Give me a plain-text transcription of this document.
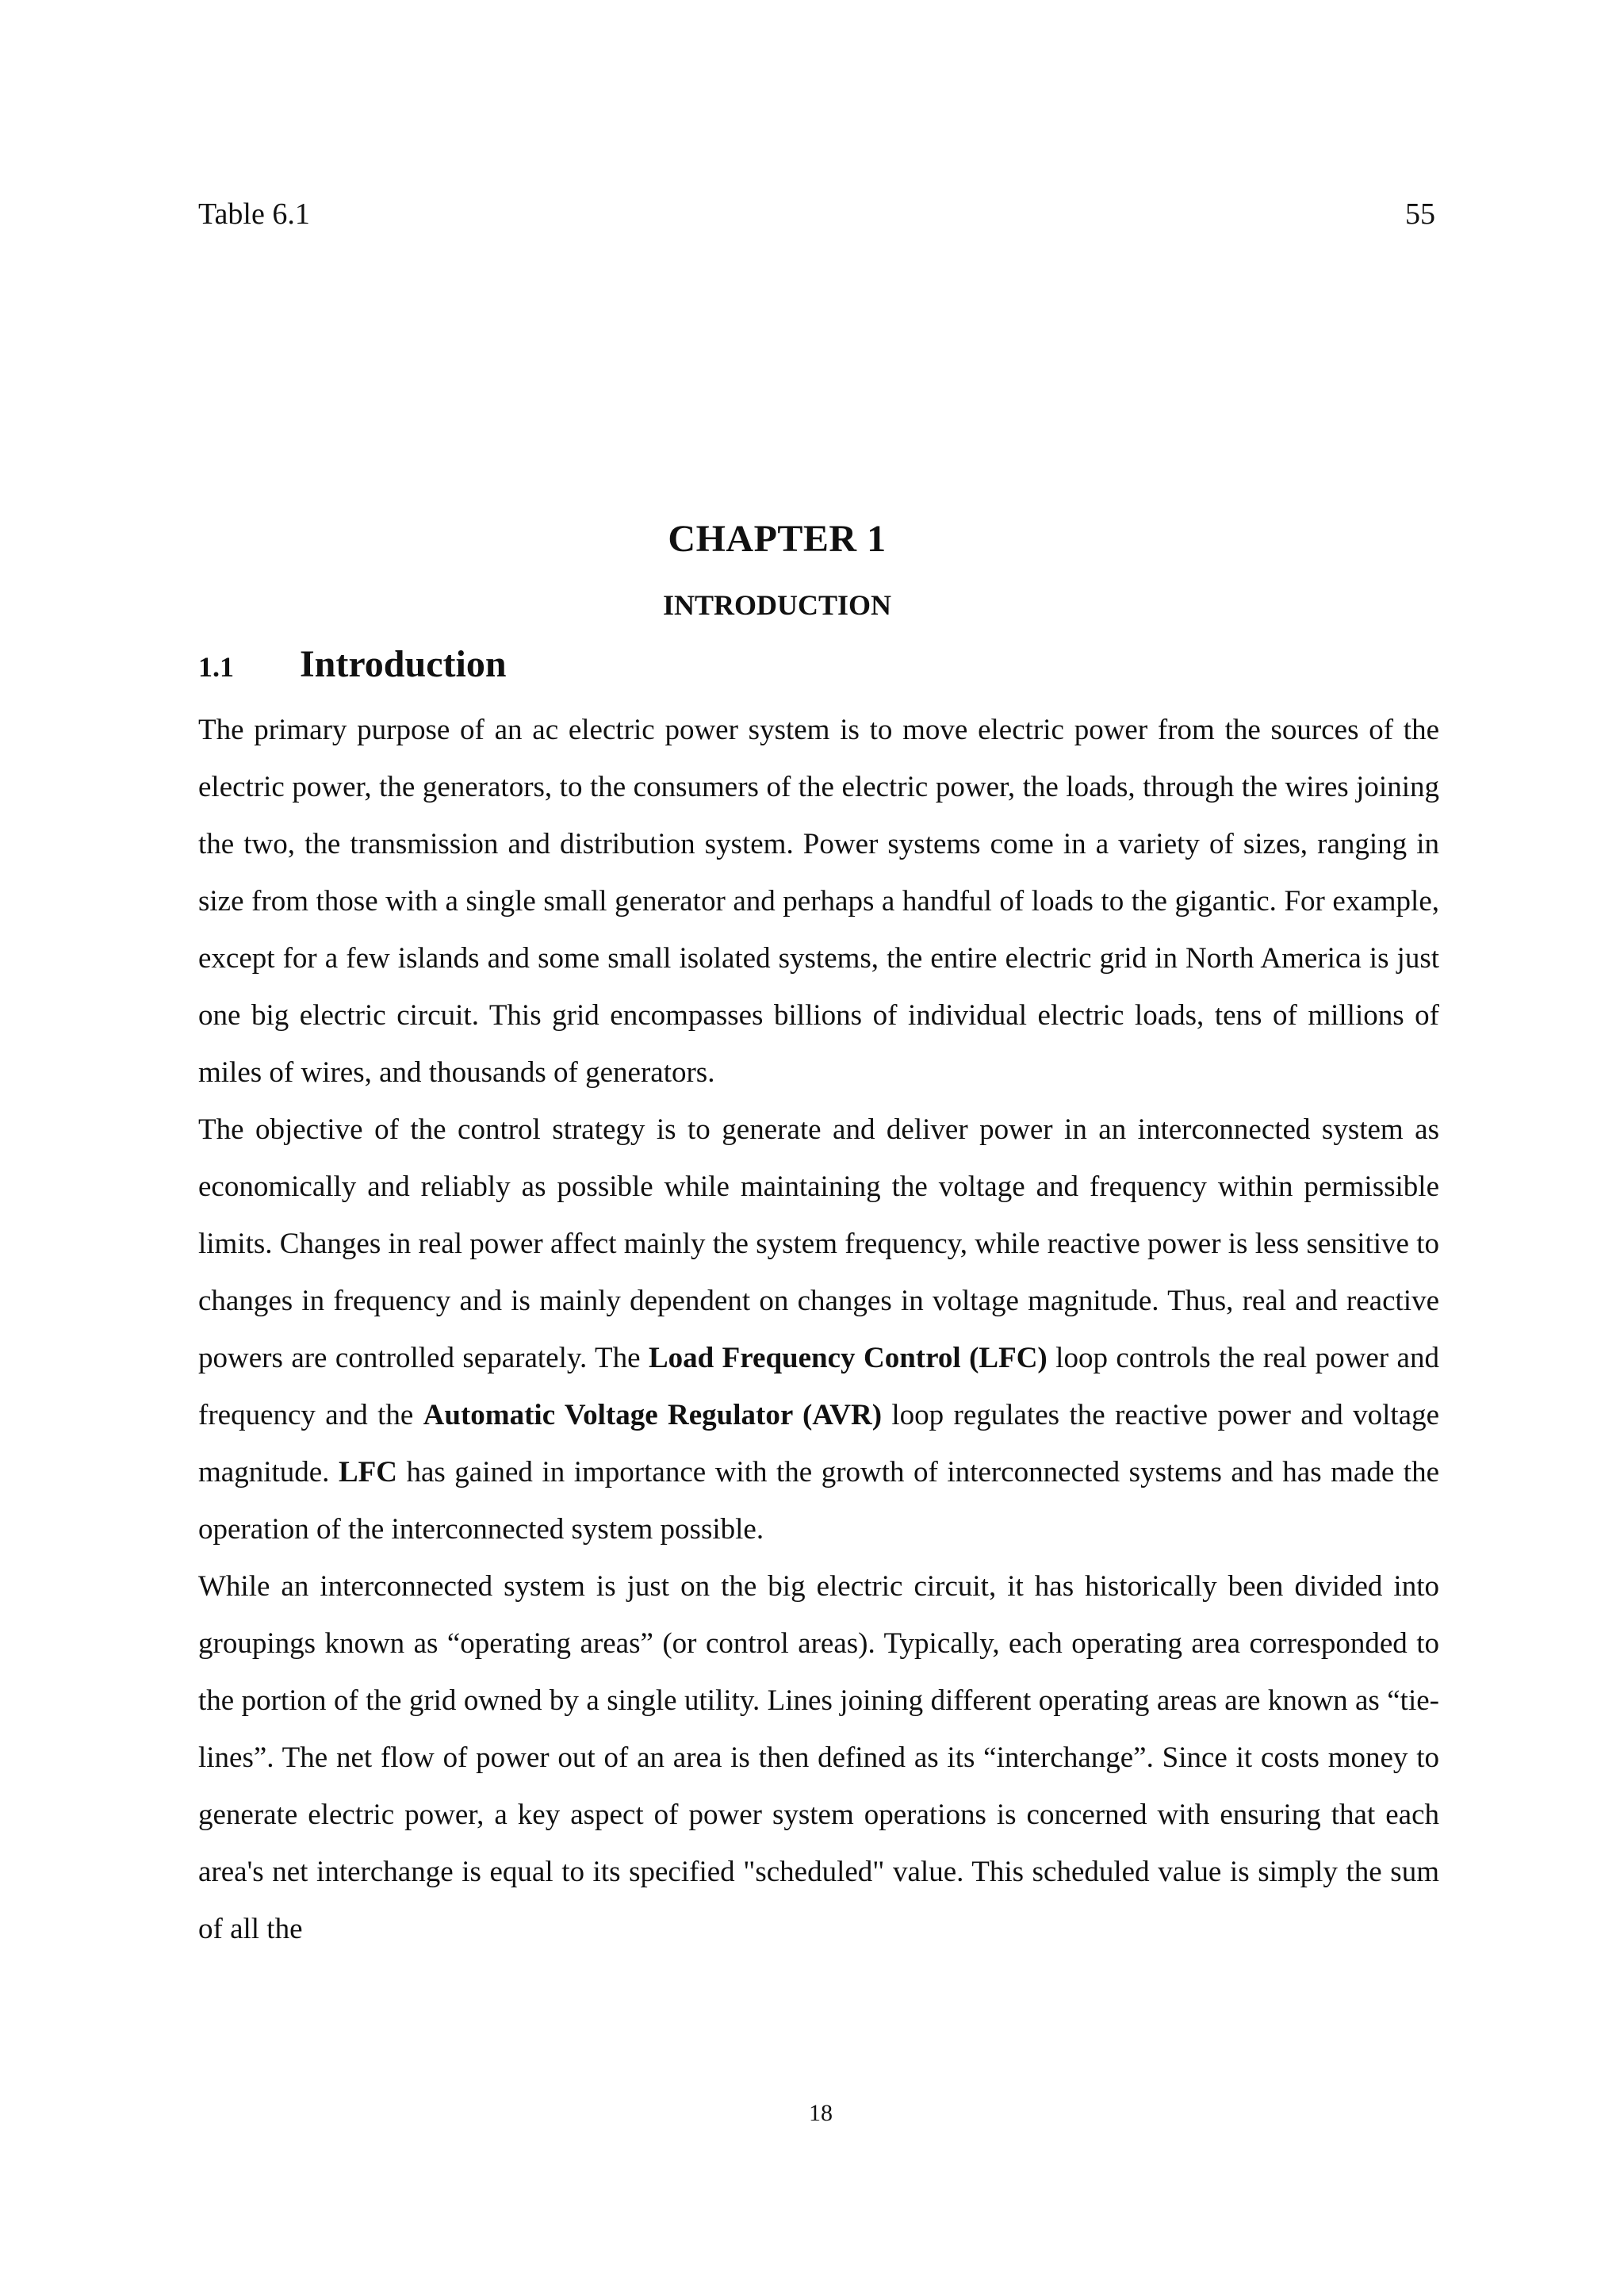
Table 6.1	55
CHAPTER 1
INTRODUCTION
1.1 Introduction

The primary purpose of an ac electric power system is to move electric power from the sources of the electric power, the generators, to the consumers of the electric power, the loads, through the wires joining the two, the transmission and distribution system. Power systems come in a variety of sizes, ranging in size from those with a single small generator and perhaps a handful of loads to the gigantic. For example, except for a few islands and some small isolated systems, the entire electric grid in North America is just one big electric circuit. This grid encompasses billions of individual electric loads, tens of millions of miles of wires, and thousands of generators.

The objective of the control strategy is to generate and deliver power in an interconnected system as economically and reliably as possible while maintaining the voltage and frequency within permissible limits. Changes in real power affect mainly the system frequency, while reactive power is less sensitive to changes in frequency and is mainly dependent on changes in voltage magnitude. Thus, real and reactive powers are controlled separately. The Load Frequency Control (LFC) loop controls the real power and frequency and the Automatic Voltage Regulator (AVR) loop regulates the reactive power and voltage magnitude. LFC has gained in importance with the growth of interconnected systems and has made the operation of the interconnected system possible.

While an interconnected system is just on the big electric circuit, it has historically been divided into groupings known as “operating areas” (or control areas). Typically, each operating area corresponded to the portion of the grid owned by a single utility. Lines joining different operating areas are known as “tie-lines”. The net flow of power out of an area is then defined as its “interchange”. Since it costs money to generate electric power, a key aspect of power system operations is concerned with ensuring that each area's net interchange is equal to its specified "scheduled" value. This scheduled value is simply the sum of all the

18
